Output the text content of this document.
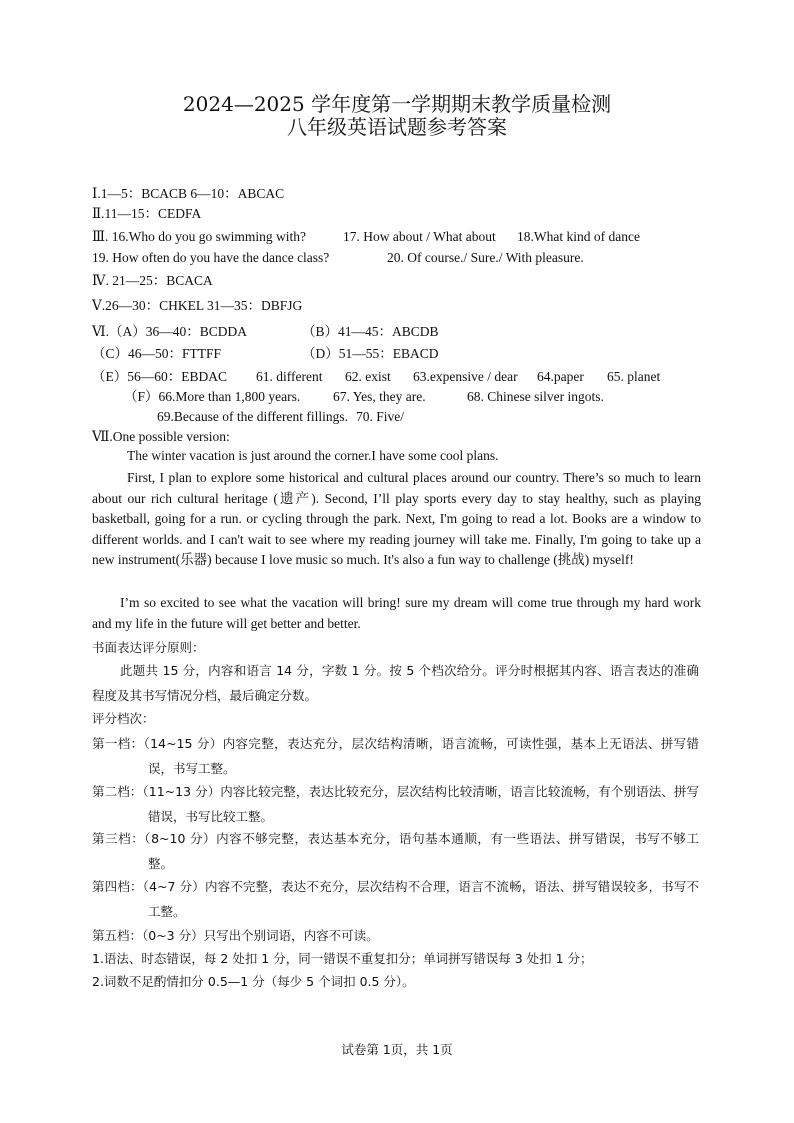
2024—2025 学年度第一学期期末教学质量检测
八年级英语试题参考答案
Ⅰ.1—5：BCACB 6—10：ABCAC
Ⅱ.11—15：CEDFA
Ⅲ. 16.Who do you go swimming with?	17. How about / What about 18.What kind of dance
19. How often do you have the dance class?	20. Of course./ Sure./ With pleasure.
Ⅳ. 21—25：BCACA
Ⅴ.26—30：CHKEL 31—35：DBFJG
Ⅵ.（A）36—40：BCDDA	（B）41—45：ABCDB
（C）46—50：FTTFF	（D）51—55：EBACD
（E）56—60：EBDAC 61. different 62. exist 63.expensive / dear 64.paper 65. planet
（F）66.More than 1,800 years. 67. Yes, they are.	68. Chinese silver ingots.
69.Because of the different fillings. 70. Five/
Ⅶ.One possible version:
The winter vacation is just around the corner.I have some cool plans.
First, I plan to explore some historical and cultural places around our country. There’s so much to learn about our rich cultural heritage (遗产). Second, I’ll play sports every day to stay healthy, such as playing basketball, going for a run. or cycling through the park. Next, I'm going to read a lot. Books are a window to different worlds. and I can't wait to see where my reading journey will take me. Finally, I'm going to take up a new instrument(乐器) because I love music so much. It's also a fun way to challenge (挑战) myself!
I’m so excited to see what the vacation will bring! sure my dream will come true through my hard work and my life in the future will get better and better.
书面表达评分原则：
此题共 15 分，内容和语言 14 分，字数 1 分。按 5 个档次给分。评分时根据其内容、语言表达的准确程度及其书写情况分档，最后确定分数。
评分档次：
第一档：（14~15 分）内容完整，表达充分，层次结构清晰，语言流畅，可读性强，基本上无语法、拼写错误，书写工整。
第二档：（11~13 分）内容比较完整，表达比较充分，层次结构比较清晰，语言比较流畅，有个别语法、拼写错误，书写比较工整。
第三档：（8~10 分）内容不够完整，表达基本充分，语句基本通顺，有一些语法、拼写错误，书写不够工整。
第四档：（4~7 分）内容不完整，表达不充分，层次结构不合理，语言不流畅，语法、拼写错误较多，书写不工整。
第五档：（0~3 分）只写出个别词语，内容不可读。
1.语法、时态错误，每 2 处扣 1 分，同一错误不重复扣分；单词拼写错误每 3 处扣 1 分；
2.词数不足酌情扣分 0.5—1 分（每少 5 个词扣 0.5 分）。
试卷第 1页，共 1页
